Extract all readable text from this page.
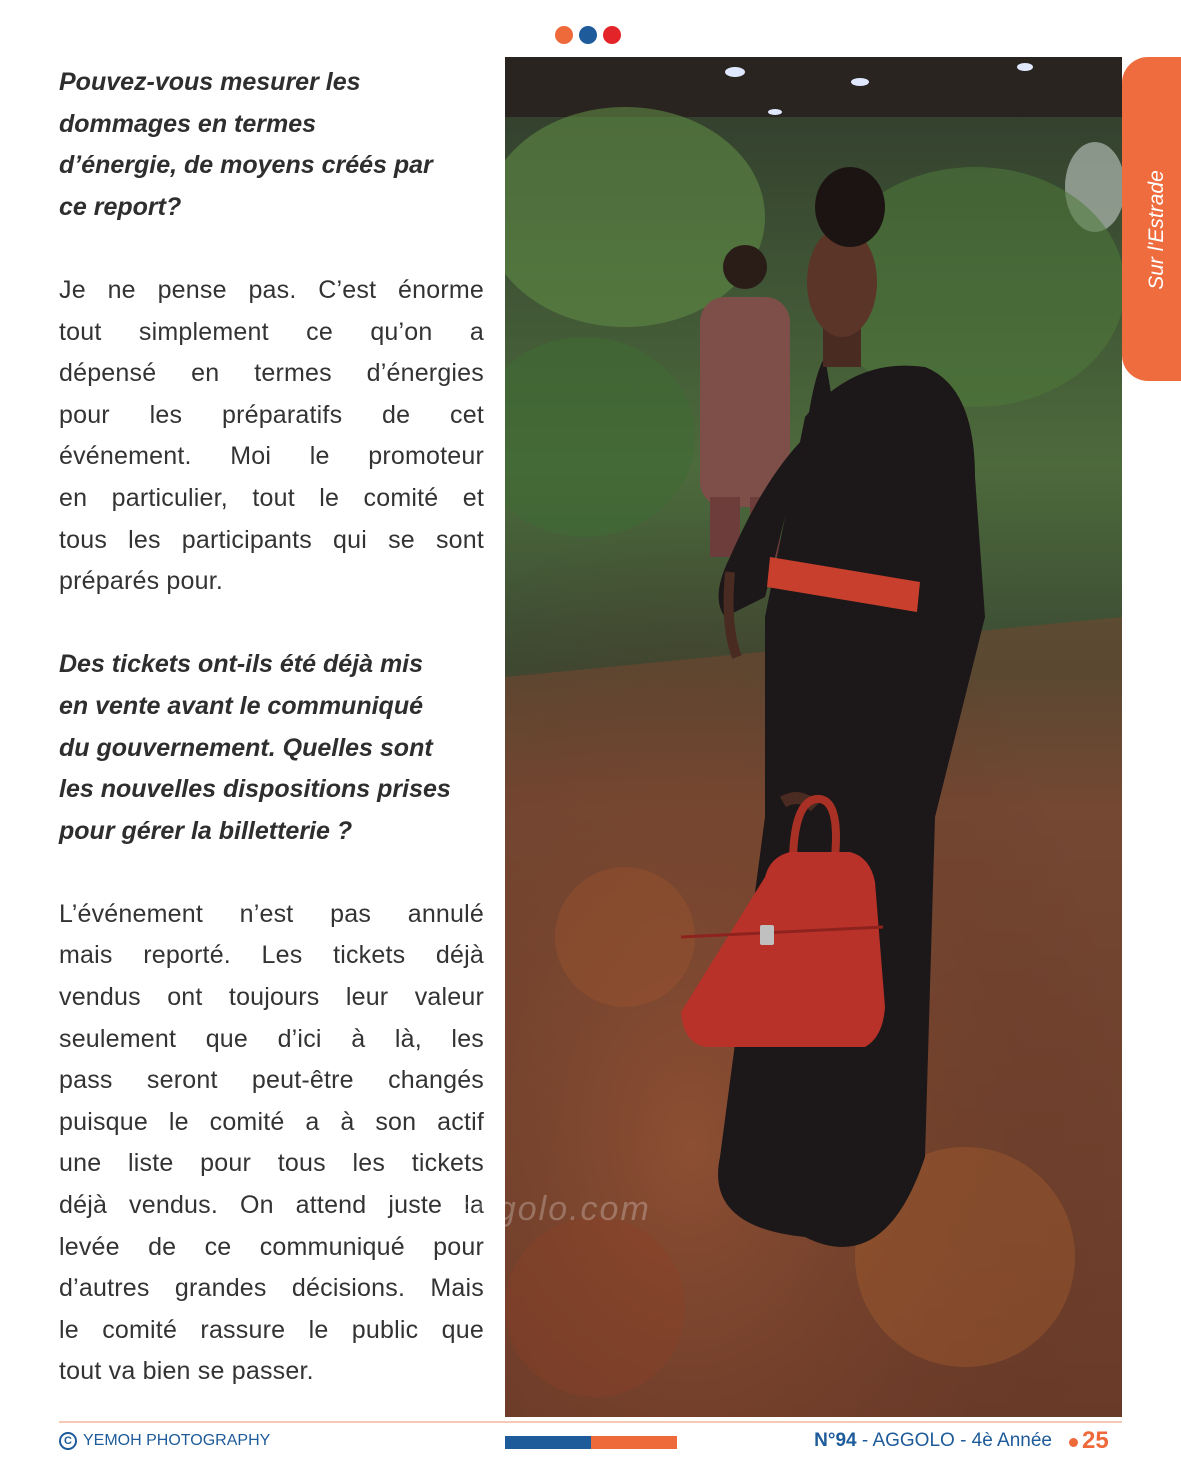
Pouvez-vous mesurer les
dommages en termes
d’énergie, de moyens créés par
ce report?
Je ne pense pas. C’est énorme
tout simplement ce qu’on a
dépensé en termes d’énergies
pour les préparatifs de cet
événement. Moi le promoteur
en particulier, tout le comité et
tous les participants qui se sont
préparés pour.
Des tickets ont-ils été déjà mis
en vente avant le communiqué
du gouvernement. Quelles sont
les nouvelles dispositions prises
pour gérer la billetterie ?
L’événement n’est pas annulé
mais reporté. Les tickets déjà
vendus ont toujours leur valeur
seulement que d’ici à là, les
pass seront peut-être changés
puisque le comité a à son actif
une liste pour tous les tickets
déjà vendus. On attend juste la
levée de ce communiqué pour
d’autres grandes décisions. Mais
le comité rassure le public que
tout va bien se passer.
aggolo.com
Sur l'Estrade
C YEMOH PHOTOGRAPHY	N°94 - AGGOLO - 4è Année 25
